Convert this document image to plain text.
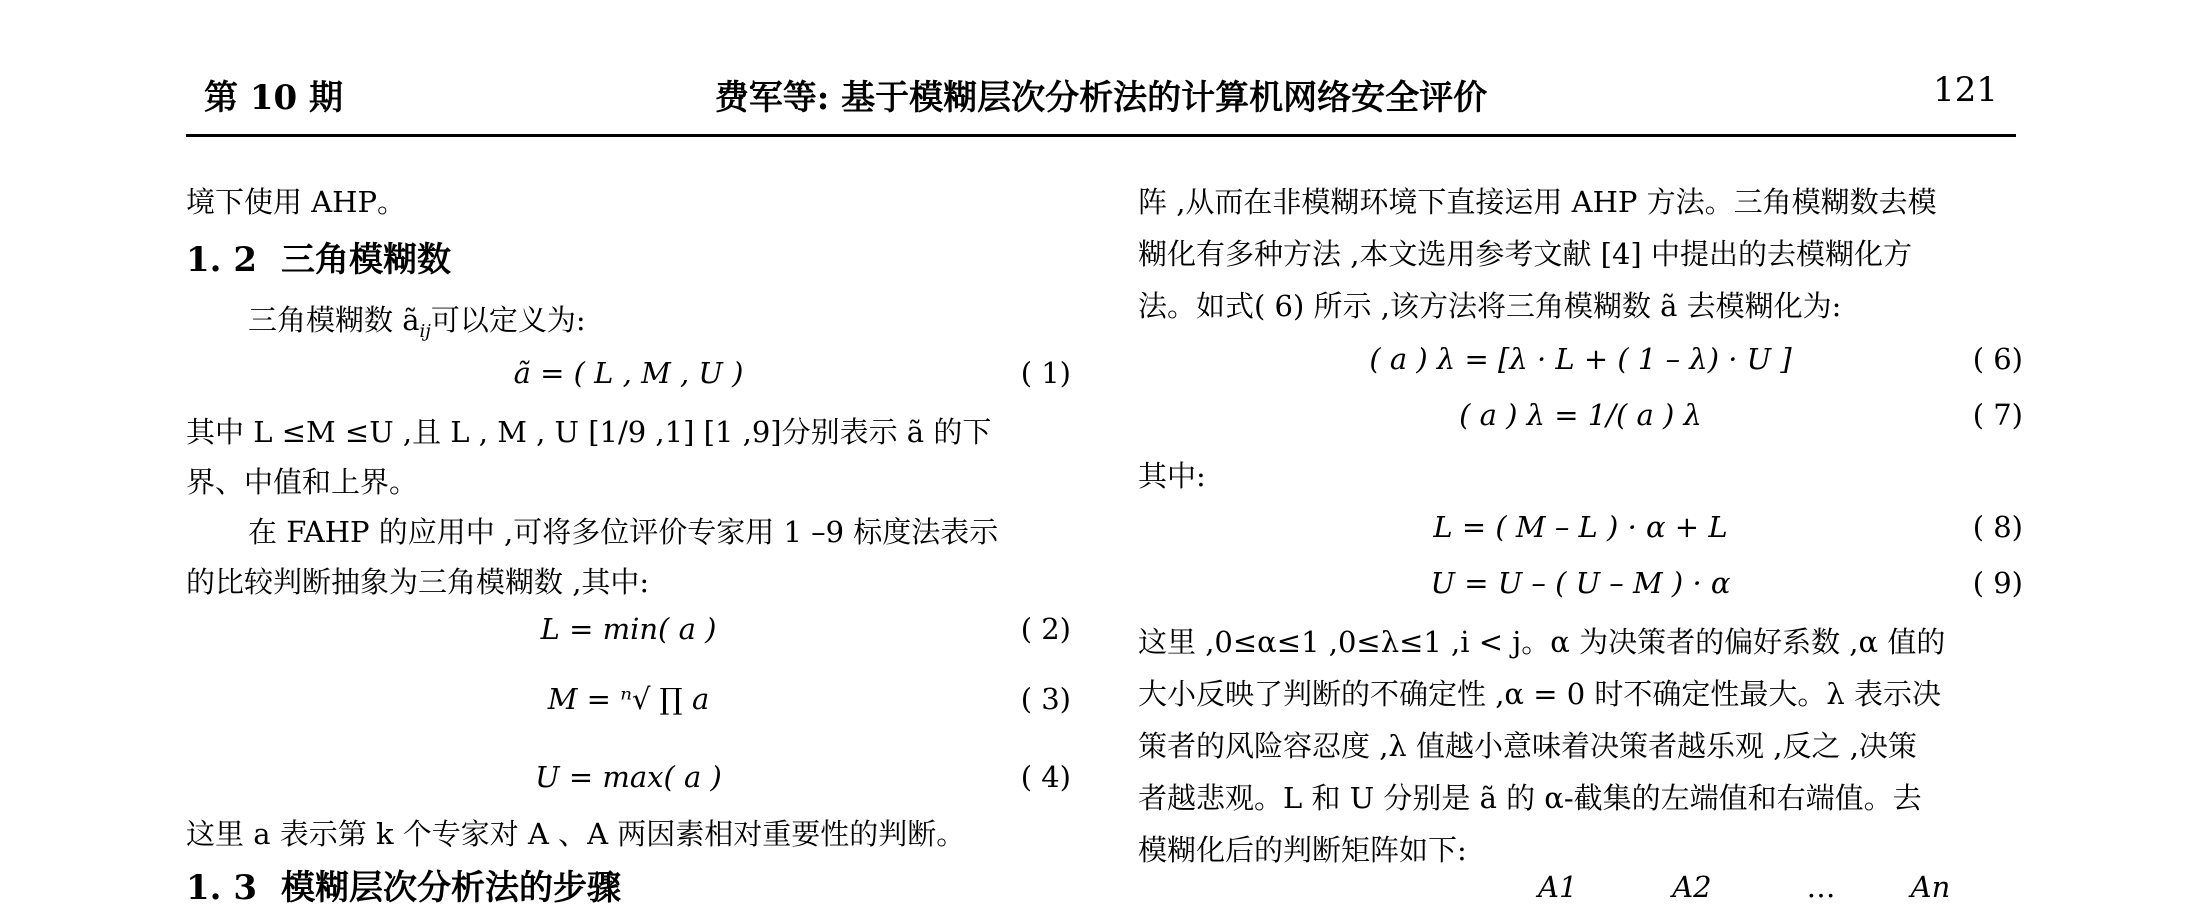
第 10 期	费军等: 基于模糊层次分析法的计算机网络安全评价	121
境下使用 AHP。
1. 2 三角模糊数
三角模糊数 $ã_{ij}$可以定义为:
ã = ( L , M , U )	( 1)
其中 L ≤M ≤U ,且 L , M , U [1/9 ,1] [1 ,9]分别表示 ã 的下
界、中值和上界。
在 FAHP 的应用中 ,可将多位评价专家用 1 –9 标度法表示
的比较判断抽象为三角模糊数 ,其中:
L = min( a )	( 2)
M = ⁿ√ ∏ a	( 3)
U = max( a )	( 4)
这里 a 表示第 k 个专家对 A 、A 两因素相对重要性的判断。
1. 3 模糊层次分析法的步骤
阵 ,从而在非模糊环境下直接运用 AHP 方法。三角模糊数去模
糊化有多种方法 ,本文选用参考文献 [4] 中提出的去模糊化方
法。如式( 6) 所示 ,该方法将三角模糊数 ã 去模糊化为:
( a ) λ = [λ · L + ( 1 – λ) · U ]	( 6)
( a ) λ = 1/( a ) λ	( 7)
其中:
L = ( M – L ) · α + L	( 8)
U = U – ( U – M ) · α	( 9)
这里 ,0≤α≤1 ,0≤λ≤1 ,i < j。α 为决策者的偏好系数 ,α 值的
大小反映了判断的不确定性 ,α = 0 时不确定性最大。λ 表示决
策者的风险容忍度 ,λ 值越小意味着决策者越乐观 ,反之 ,决策
者越悲观。L 和 U 分别是 ã 的 α-截集的左端值和右端值。去
模糊化后的判断矩阵如下:
A1	A2	…	An
